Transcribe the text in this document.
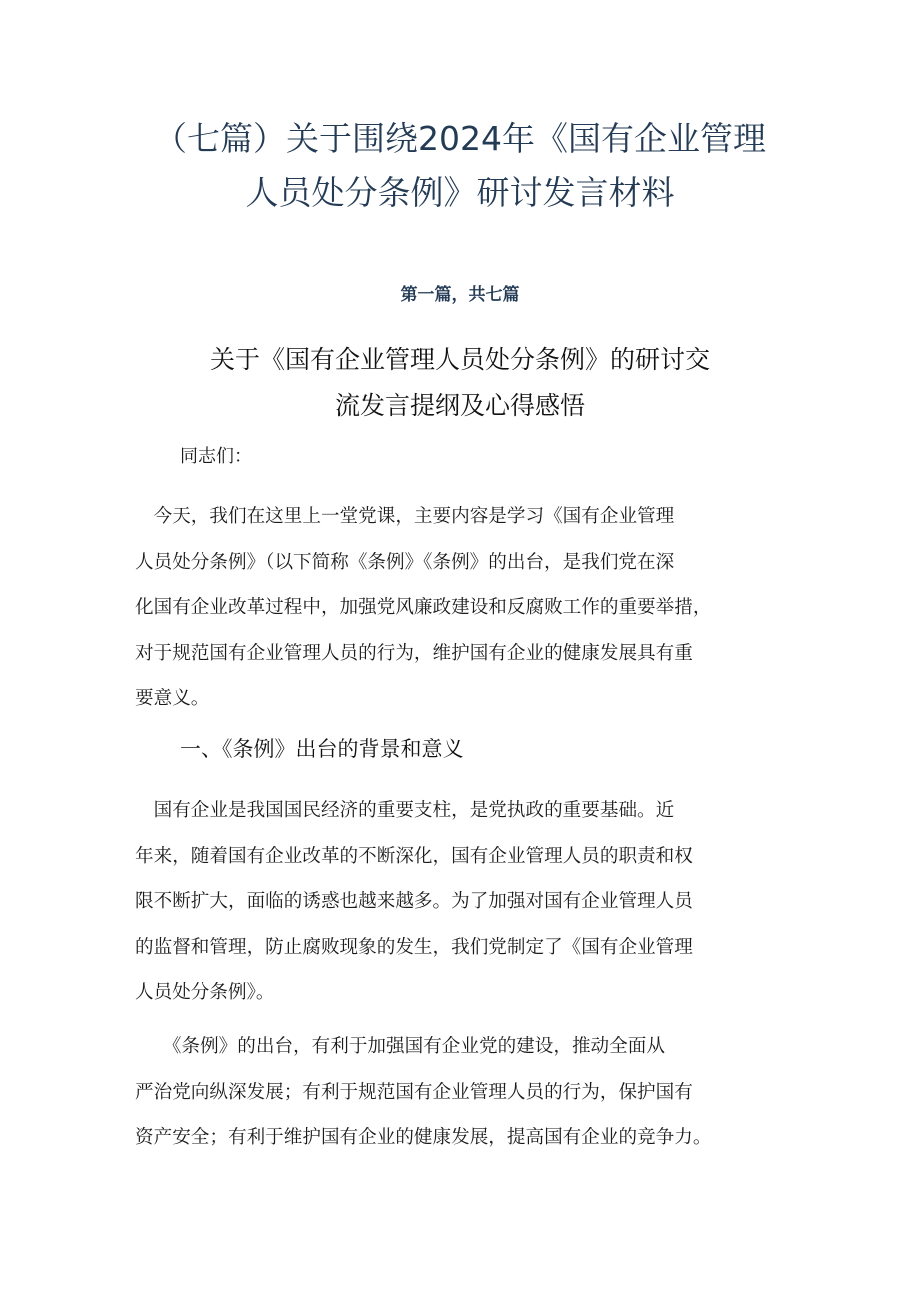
（七篇）关于围绕2024年《国有企业管理
人员处分条例》研讨发言材料
第一篇，共七篇
关于《国有企业管理人员处分条例》的研讨交
流发言提纲及心得感悟
同志们：
　今天，我们在这里上一堂党课，主要内容是学习《国有企业管理
人员处分条例》（以下简称《条例》《条例》的出台，是我们党在深
化国有企业改革过程中，加强党风廉政建设和反腐败工作的重要举措，
对于规范国有企业管理人员的行为，维护国有企业的健康发展具有重
要意义。
一、《条例》出台的背景和意义
　国有企业是我国国民经济的重要支柱，是党执政的重要基础。近
年来，随着国有企业改革的不断深化，国有企业管理人员的职责和权
限不断扩大，面临的诱惑也越来越多。为了加强对国有企业管理人员
的监督和管理，防止腐败现象的发生，我们党制定了《国有企业管理
人员处分条例》。
　　《条例》的出台，有利于加强国有企业党的建设，推动全面从
严治党向纵深发展；有利于规范国有企业管理人员的行为，保护国有
资产安全；有利于维护国有企业的健康发展，提高国有企业的竞争力。
